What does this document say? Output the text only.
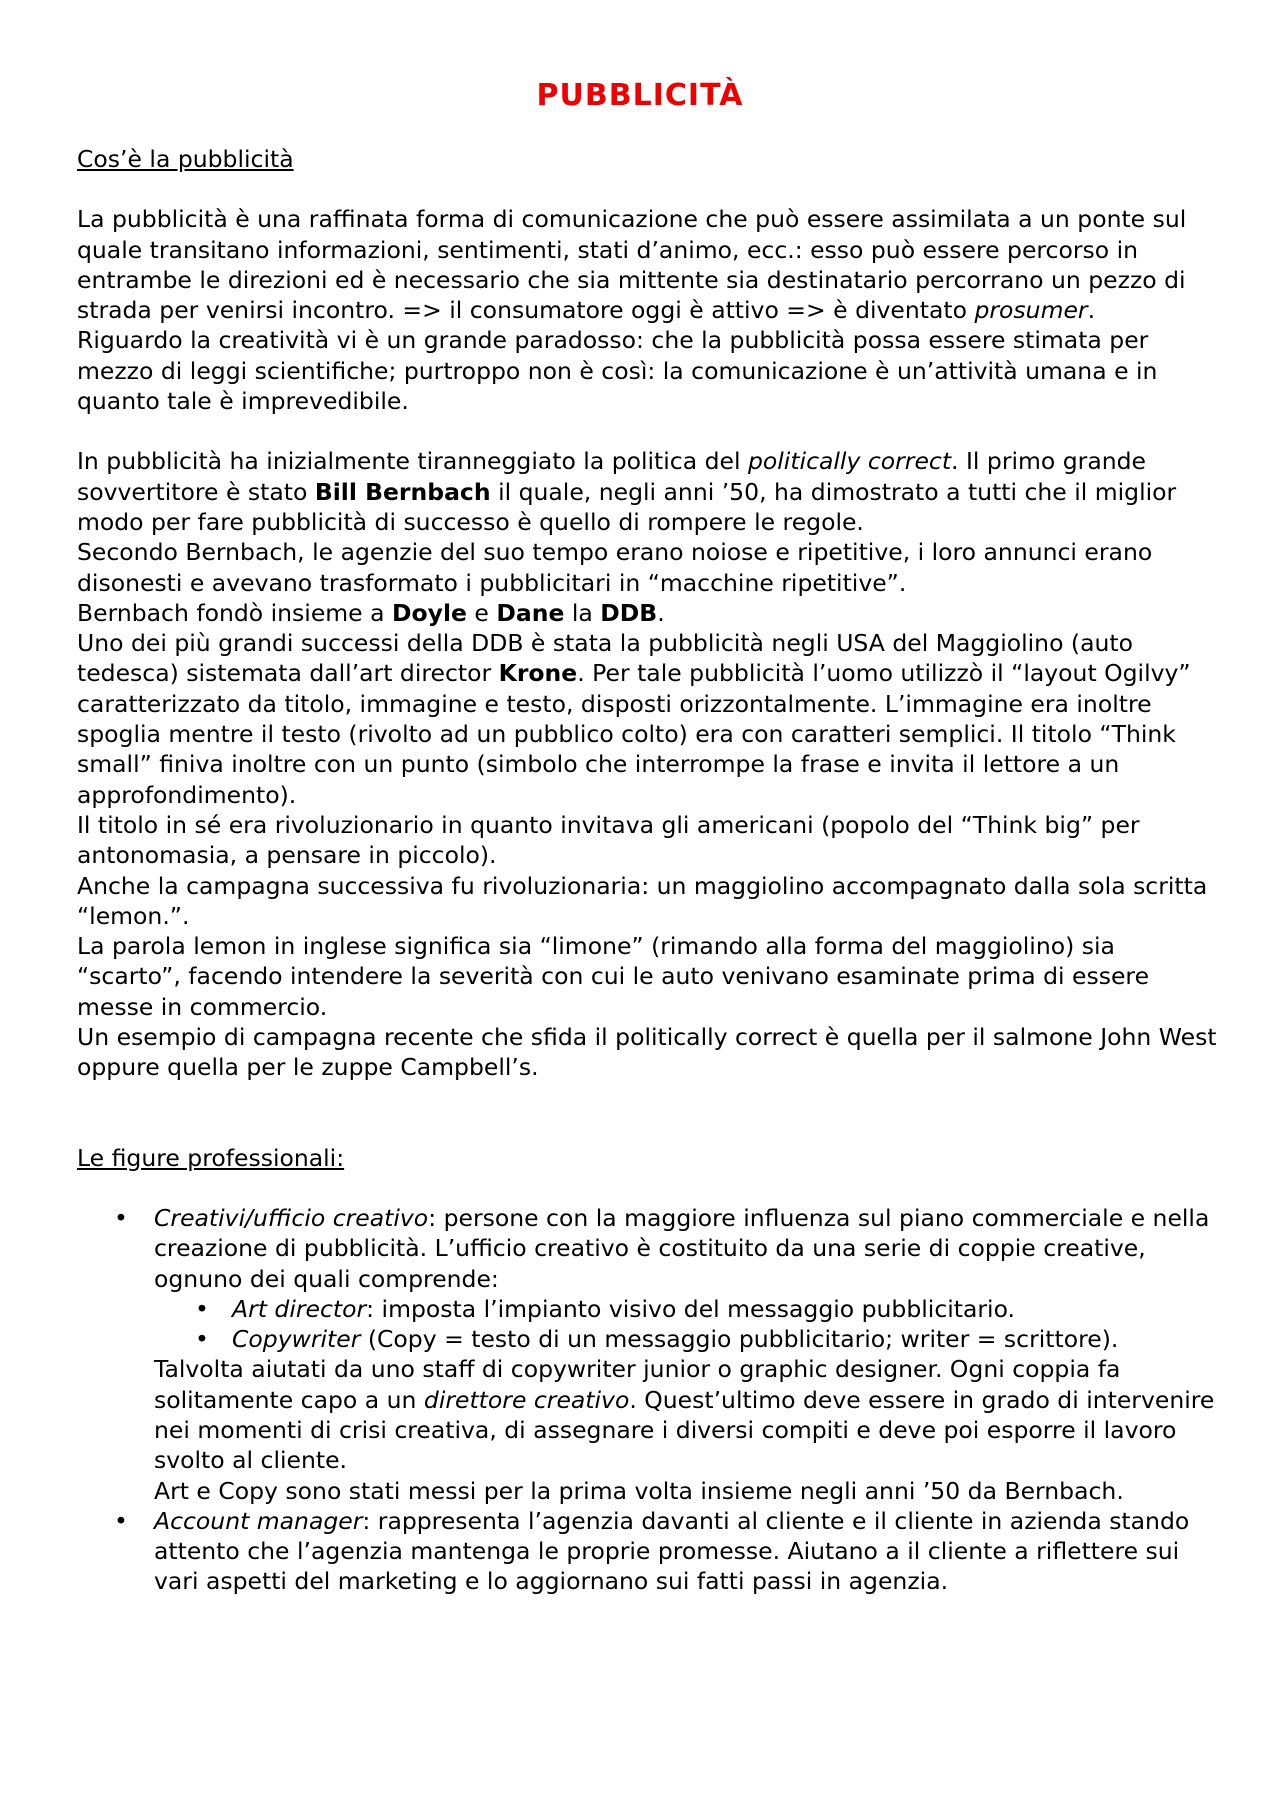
PUBBLICITÀ

Cos’è la pubblicità

La pubblicità è una raffinata forma di comunicazione che può essere assimilata a un ponte sul quale transitano informazioni, sentimenti, stati d’animo, ecc.: esso può essere percorso in entrambe le direzioni ed è necessario che sia mittente sia destinatario percorrano un pezzo di strada per venirsi incontro. => il consumatore oggi è attivo => è diventato prosumer.

Riguardo la creatività vi è un grande paradosso: che la pubblicità possa essere stimata per mezzo di leggi scientifiche; purtroppo non è così: la comunicazione è un’attività umana e in quanto tale è imprevedibile.

In pubblicità ha inizialmente tiranneggiato la politica del politically correct. Il primo grande sovvertitore è stato Bill Bernbach il quale, negli anni ’50, ha dimostrato a tutti che il miglior modo per fare pubblicità di successo è quello di rompere le regole.

Secondo Bernbach, le agenzie del suo tempo erano noiose e ripetitive, i loro annunci erano disonesti e avevano trasformato i pubblicitari in “macchine ripetitive”.

Bernbach fondò insieme a Doyle e Dane la DDB.

Uno dei più grandi successi della DDB è stata la pubblicità negli USA del Maggiolino (auto tedesca) sistemata dall’art director Krone. Per tale pubblicità l’uomo utilizzò il “layout Ogilvy” caratterizzato da titolo, immagine e testo, disposti orizzontalmente. L’immagine era inoltre spoglia mentre il testo (rivolto ad un pubblico colto) era con caratteri semplici. Il titolo “Think small” finiva inoltre con un punto (simbolo che interrompe la frase e invita il lettore a un approfondimento).

Il titolo in sé era rivoluzionario in quanto invitava gli americani (popolo del “Think big” per antonomasia, a pensare in piccolo).

Anche la campagna successiva fu rivoluzionaria: un maggiolino accompagnato dalla sola scritta “lemon.”.

La parola lemon in inglese significa sia “limone” (rimando alla forma del maggiolino) sia “scarto”, facendo intendere la severità con cui le auto venivano esaminate prima di essere messe in commercio.

Un esempio di campagna recente che sfida il politically correct è quella per il salmone John West oppure quella per le zuppe Campbell’s.

Le figure professionali:

• Creativi/ufficio creativo: persone con la maggiore influenza sul piano commerciale e nella creazione di pubblicità. L’ufficio creativo è costituito da una serie di coppie creative, ognuno dei quali comprende:
• Art director: imposta l’impianto visivo del messaggio pubblicitario.
• Copywriter (Copy = testo di un messaggio pubblicitario; writer = scrittore).

Talvolta aiutati da uno staff di copywriter junior o graphic designer. Ogni coppia fa solitamente capo a un direttore creativo. Quest’ultimo deve essere in grado di intervenire nei momenti di crisi creativa, di assegnare i diversi compiti e deve poi esporre il lavoro svolto al cliente.

Art e Copy sono stati messi per la prima volta insieme negli anni ’50 da Bernbach.

• Account manager: rappresenta l’agenzia davanti al cliente e il cliente in azienda stando attento che l’agenzia mantenga le proprie promesse. Aiutano a il cliente a riflettere sui vari aspetti del marketing e lo aggiornano sui fatti passi in agenzia.
